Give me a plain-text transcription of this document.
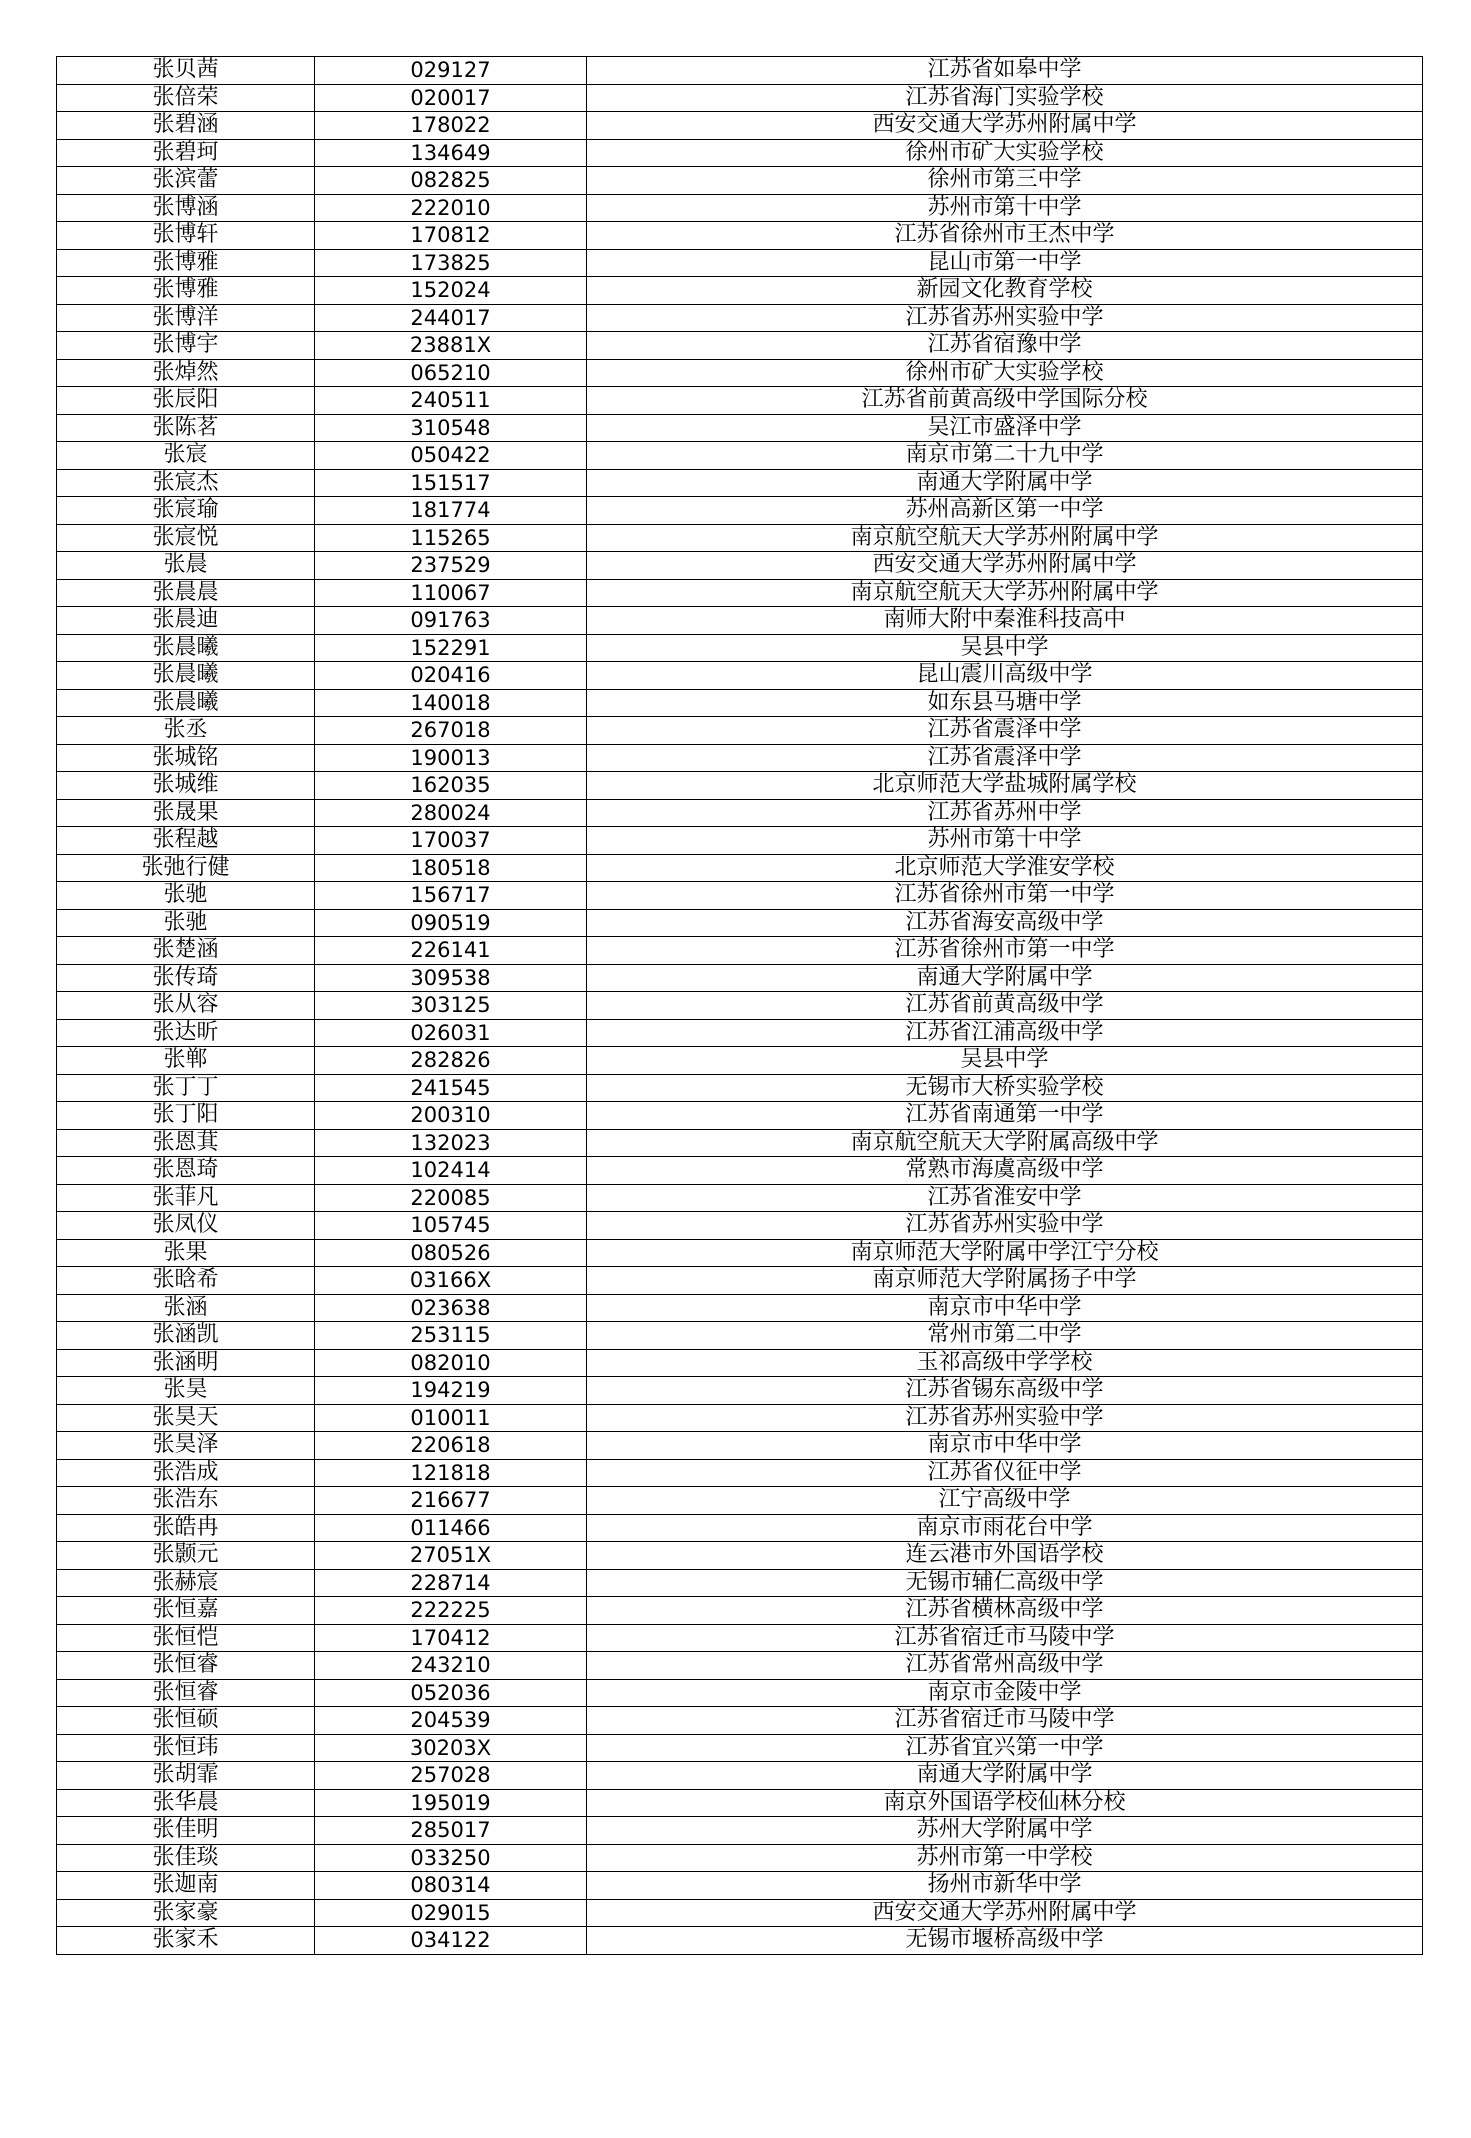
张贝茜	029127	江苏省如皋中学
张倍荣	020017	江苏省海门实验学校
张碧涵	178022	西安交通大学苏州附属中学
张碧珂	134649	徐州市矿大实验学校
张滨蕾	082825	徐州市第三中学
张博涵	222010	苏州市第十中学
张博轩	170812	江苏省徐州市王杰中学
张博雅	173825	昆山市第一中学
张博雅	152024	新园文化教育学校
张博洋	244017	江苏省苏州实验中学
张博宇	23881X	江苏省宿豫中学
张焯然	065210	徐州市矿大实验学校
张辰阳	240511	江苏省前黄高级中学国际分校
张陈茗	310548	吴江市盛泽中学
张宸	050422	南京市第二十九中学
张宸杰	151517	南通大学附属中学
张宸瑜	181774	苏州高新区第一中学
张宸悦	115265	南京航空航天大学苏州附属中学
张晨	237529	西安交通大学苏州附属中学
张晨晨	110067	南京航空航天大学苏州附属中学
张晨迪	091763	南师大附中秦淮科技高中
张晨曦	152291	吴县中学
张晨曦	020416	昆山震川高级中学
张晨曦	140018	如东县马塘中学
张丞	267018	江苏省震泽中学
张城铭	190013	江苏省震泽中学
张城维	162035	北京师范大学盐城附属学校
张晟果	280024	江苏省苏州中学
张程越	170037	苏州市第十中学
张弛行健	180518	北京师范大学淮安学校
张驰	156717	江苏省徐州市第一中学
张驰	090519	江苏省海安高级中学
张楚涵	226141	江苏省徐州市第一中学
张传琦	309538	南通大学附属中学
张从容	303125	江苏省前黄高级中学
张达昕	026031	江苏省江浦高级中学
张郸	282826	吴县中学
张丁丁	241545	无锡市大桥实验学校
张丁阳	200310	江苏省南通第一中学
张恩萁	132023	南京航空航天大学附属高级中学
张恩琦	102414	常熟市海虞高级中学
张菲凡	220085	江苏省淮安中学
张凤仪	105745	江苏省苏州实验中学
张果	080526	南京师范大学附属中学江宁分校
张晗希	03166X	南京师范大学附属扬子中学
张涵	023638	南京市中华中学
张涵凯	253115	常州市第二中学
张涵明	082010	玉祁高级中学学校
张昊	194219	江苏省锡东高级中学
张昊天	010011	江苏省苏州实验中学
张昊泽	220618	南京市中华中学
张浩成	121818	江苏省仪征中学
张浩东	216677	江宁高级中学
张皓冉	011466	南京市雨花台中学
张颢元	27051X	连云港市外国语学校
张赫宸	228714	无锡市辅仁高级中学
张恒嘉	222225	江苏省横林高级中学
张恒恺	170412	江苏省宿迁市马陵中学
张恒睿	243210	江苏省常州高级中学
张恒睿	052036	南京市金陵中学
张恒硕	204539	江苏省宿迁市马陵中学
张恒玮	30203X	江苏省宜兴第一中学
张胡霏	257028	南通大学附属中学
张华晨	195019	南京外国语学校仙林分校
张佳明	285017	苏州大学附属中学
张佳琰	033250	苏州市第一中学校
张迦南	080314	扬州市新华中学
张家豪	029015	西安交通大学苏州附属中学
张家禾	034122	无锡市堰桥高级中学
